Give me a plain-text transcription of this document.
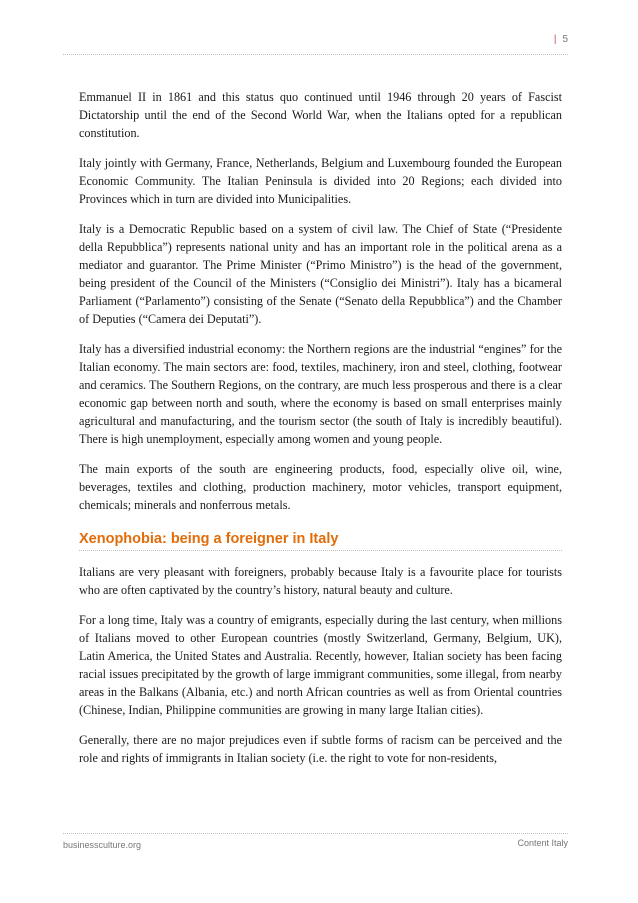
| 5

Emmanuel II in 1861 and this status quo continued until 1946 through 20 years of Fascist Dictatorship until the end of the Second World War, when the Italians opted for a republican constitution.

Italy jointly with Germany, France, Netherlands, Belgium and Luxembourg founded the European Economic Community. The Italian Peninsula is divided into 20 Regions; each divided into Provinces which in turn are divided into Municipalities.

Italy is a Democratic Republic based on a system of civil law. The Chief of State (“Presidente della Repubblica”) represents national unity and has an important role in the political arena as a mediator and guarantor. The Prime Minister (“Primo Ministro”) is the head of the government, being president of the Council of the Ministers (“Consiglio dei Ministri”). Italy has a bicameral Parliament (“Parlamento”) consisting of the Senate (“Senato della Repubblica”) and the Chamber of Deputies (“Camera dei Deputati”).

Italy has a diversified industrial economy: the Northern regions are the industrial “engines” for the Italian economy. The main sectors are: food, textiles, machinery, iron and steel, clothing, footwear and ceramics. The Southern Regions, on the contrary, are much less prosperous and there is a clear economic gap between north and south, where the economy is based on small enterprises mainly agricultural and manufacturing, and the tourism sector (the south of Italy is incredibly beautiful). There is high unemployment, especially among women and young people.

The main exports of the south are engineering products, food, especially olive oil, wine, beverages, textiles and clothing, production machinery, motor vehicles, transport equipment, chemicals; minerals and nonferrous metals.

Xenophobia: being a foreigner in Italy

Italians are very pleasant with foreigners, probably because Italy is a favourite place for tourists who are often captivated by the country’s history, natural beauty and culture.

For a long time, Italy was a country of emigrants, especially during the last century, when millions of Italians moved to other European countries (mostly Switzerland, Germany, Belgium, UK), Latin America, the United States and Australia. Recently, however, Italian society has been facing racial issues precipitated by the growth of large immigrant communities, some illegal, from nearby areas in the Balkans (Albania, etc.) and north African countries as well as from Oriental countries (Chinese, Indian, Philippine communities are growing in many large Italian cities).

Generally, there are no major prejudices even if subtle forms of racism can be perceived and the role and rights of immigrants in Italian society (i.e. the right to vote for non-residents,

businessculture.org	Content Italy
